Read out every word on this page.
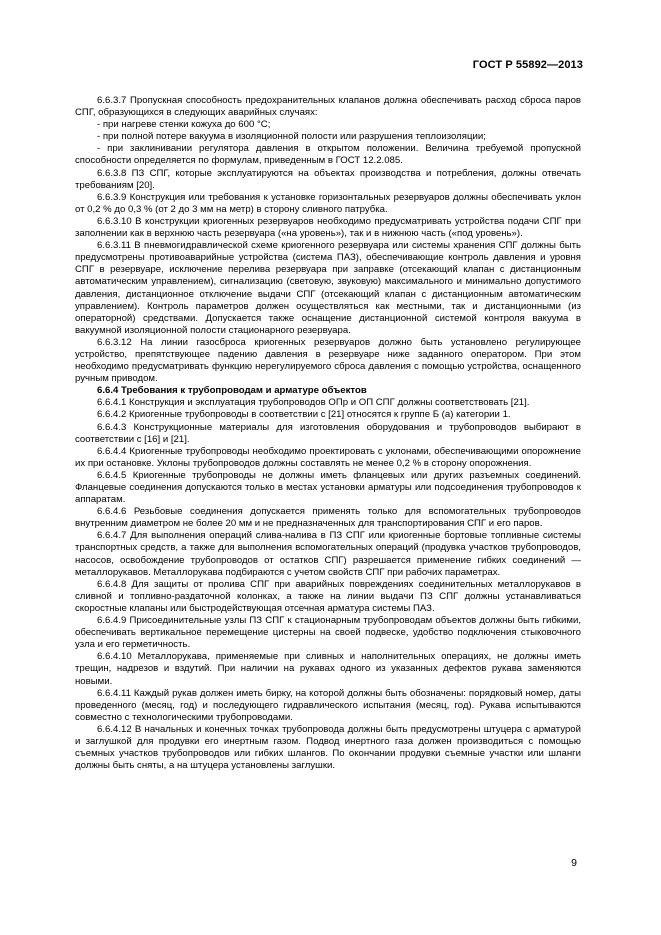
ГОСТ Р 55892—2013

6.6.3.7 Пропускная способность предохранительных клапанов должна обеспечивать расход сброса паров СПГ, образующихся в следующих аварийных случаях:

- при нагреве стенки кожуха до 600 °С;

- при полной потере вакуума в изоляционной полости или разрушения теплоизоляции;

- при заклинивании регулятора давления в открытом положении. Величина требуемой пропускной способности определяется по формулам, приведенным в ГОСТ 12.2.085.

6.6.3.8 ПЗ СПГ, которые эксплуатируются на объектах производства и потребления, должны отвечать требованиям [20].

6.6.3.9 Конструкция или требования к установке горизонтальных резервуаров должны обеспечивать уклон от 0,2 % до 0,3 % (от 2 до 3 мм на метр) в сторону сливного патрубка.

6.6.3.10 В конструкции криогенных резервуаров необходимо предусматривать устройства подачи СПГ при заполнении как в верхнюю часть резервуара («на уровень»), так и в нижнюю часть («под уровень»).

6.6.3.11 В пневмогидравлической схеме криогенного резервуара или системы хранения СПГ должны быть предусмотрены противоаварийные устройства (система ПАЗ), обеспечивающие контроль давления и уровня СПГ в резервуаре, исключение перелива резервуара при заправке (отсекающий клапан с дистанционным автоматическим управлением), сигнализацию (световую, звуковую) максимального и минимально допустимого давления, дистанционное отключение выдачи СПГ (отсекающий клапан с дистанционным автоматическим управлением). Контроль параметров должен осуществляться как местными, так и дистанционными (из операторной) средствами. Допускается также оснащение дистанционной системой контроля вакуума в вакуумной изоляционной полости стационарного резервуара.

6.6.3.12 На линии газосброса криогенных резервуаров должно быть установлено регулирующее устройство, препятствующее падению давления в резервуаре ниже заданного оператором. При этом необходимо предусматривать функцию нерегулируемого сброса давления с помощью устройства, оснащенного ручным приводом.

6.6.4 Требования к трубопроводам и арматуре объектов

6.6.4.1 Конструкция и эксплуатация трубопроводов ОПр и ОП СПГ должны соответствовать [21].

6.6.4.2 Криогенные трубопроводы в соответствии с [21] относятся к группе Б (а) категории 1.

6.6.4.3 Конструкционные материалы для изготовления оборудования и трубопроводов выбирают в соответствии с [16] и [21].

6.6.4.4 Криогенные трубопроводы необходимо проектировать с уклонами, обеспечивающими опорожнение их при остановке. Уклоны трубопроводов должны составлять не менее 0,2 % в сторону опорожнения.

6.6.4.5 Криогенные трубопроводы не должны иметь фланцевых или других разъемных соединений. Фланцевые соединения допускаются только в местах установки арматуры или подсоединения трубопроводов к аппаратам.

6.6.4.6 Резьбовые соединения допускается применять только для вспомогательных трубопроводов внутренним диаметром не более 20 мм и не предназначенных для транспортирования СПГ и его паров.

6.6.4.7 Для выполнения операций слива-налива в ПЗ СПГ или криогенные бортовые топливные системы транспортных средств, а также для выполнения вспомогательных операций (продувка участков трубопроводов, насосов, освобождение трубопроводов от остатков СПГ) разрешается применение гибких соединений — металлорукавов. Металлорукава подбираются с учетом свойств СПГ при рабочих параметрах.

6.6.4.8 Для защиты от пролива СПГ при аварийных повреждениях соединительных металлорукавов в сливной и топливно-раздаточной колонках, а также на линии выдачи ПЗ СПГ должны устанавливаться скоростные клапаны или быстродействующая отсечная арматура системы ПАЗ.

6.6.4.9 Присоединительные узлы ПЗ СПГ к стационарным трубопроводам объектов должны быть гибкими, обеспечивать вертикальное перемещение цистерны на своей подвеске, удобство подключения стыковочного узла и его герметичность.

6.6.4.10 Металлорукава, применяемые при сливных и наполнительных операциях, не должны иметь трещин, надрезов и вздутий. При наличии на рукавах одного из указанных дефектов рукава заменяются новыми.

6.6.4.11 Каждый рукав должен иметь бирку, на которой должны быть обозначены: порядковый номер, даты проведенного (месяц, год) и последующего гидравлического испытания (месяц, год). Рукава испытываются совместно с технологическими трубопроводами.

6.6.4.12 В начальных и конечных точках трубопровода должны быть предусмотрены штуцера с арматурой и заглушкой для продувки его инертным газом. Подвод инертного газа должен производиться с помощью съемных участков трубопроводов или гибких шлангов. По окончании продувки съемные участки или шланги должны быть сняты, а на штуцера установлены заглушки.

9
